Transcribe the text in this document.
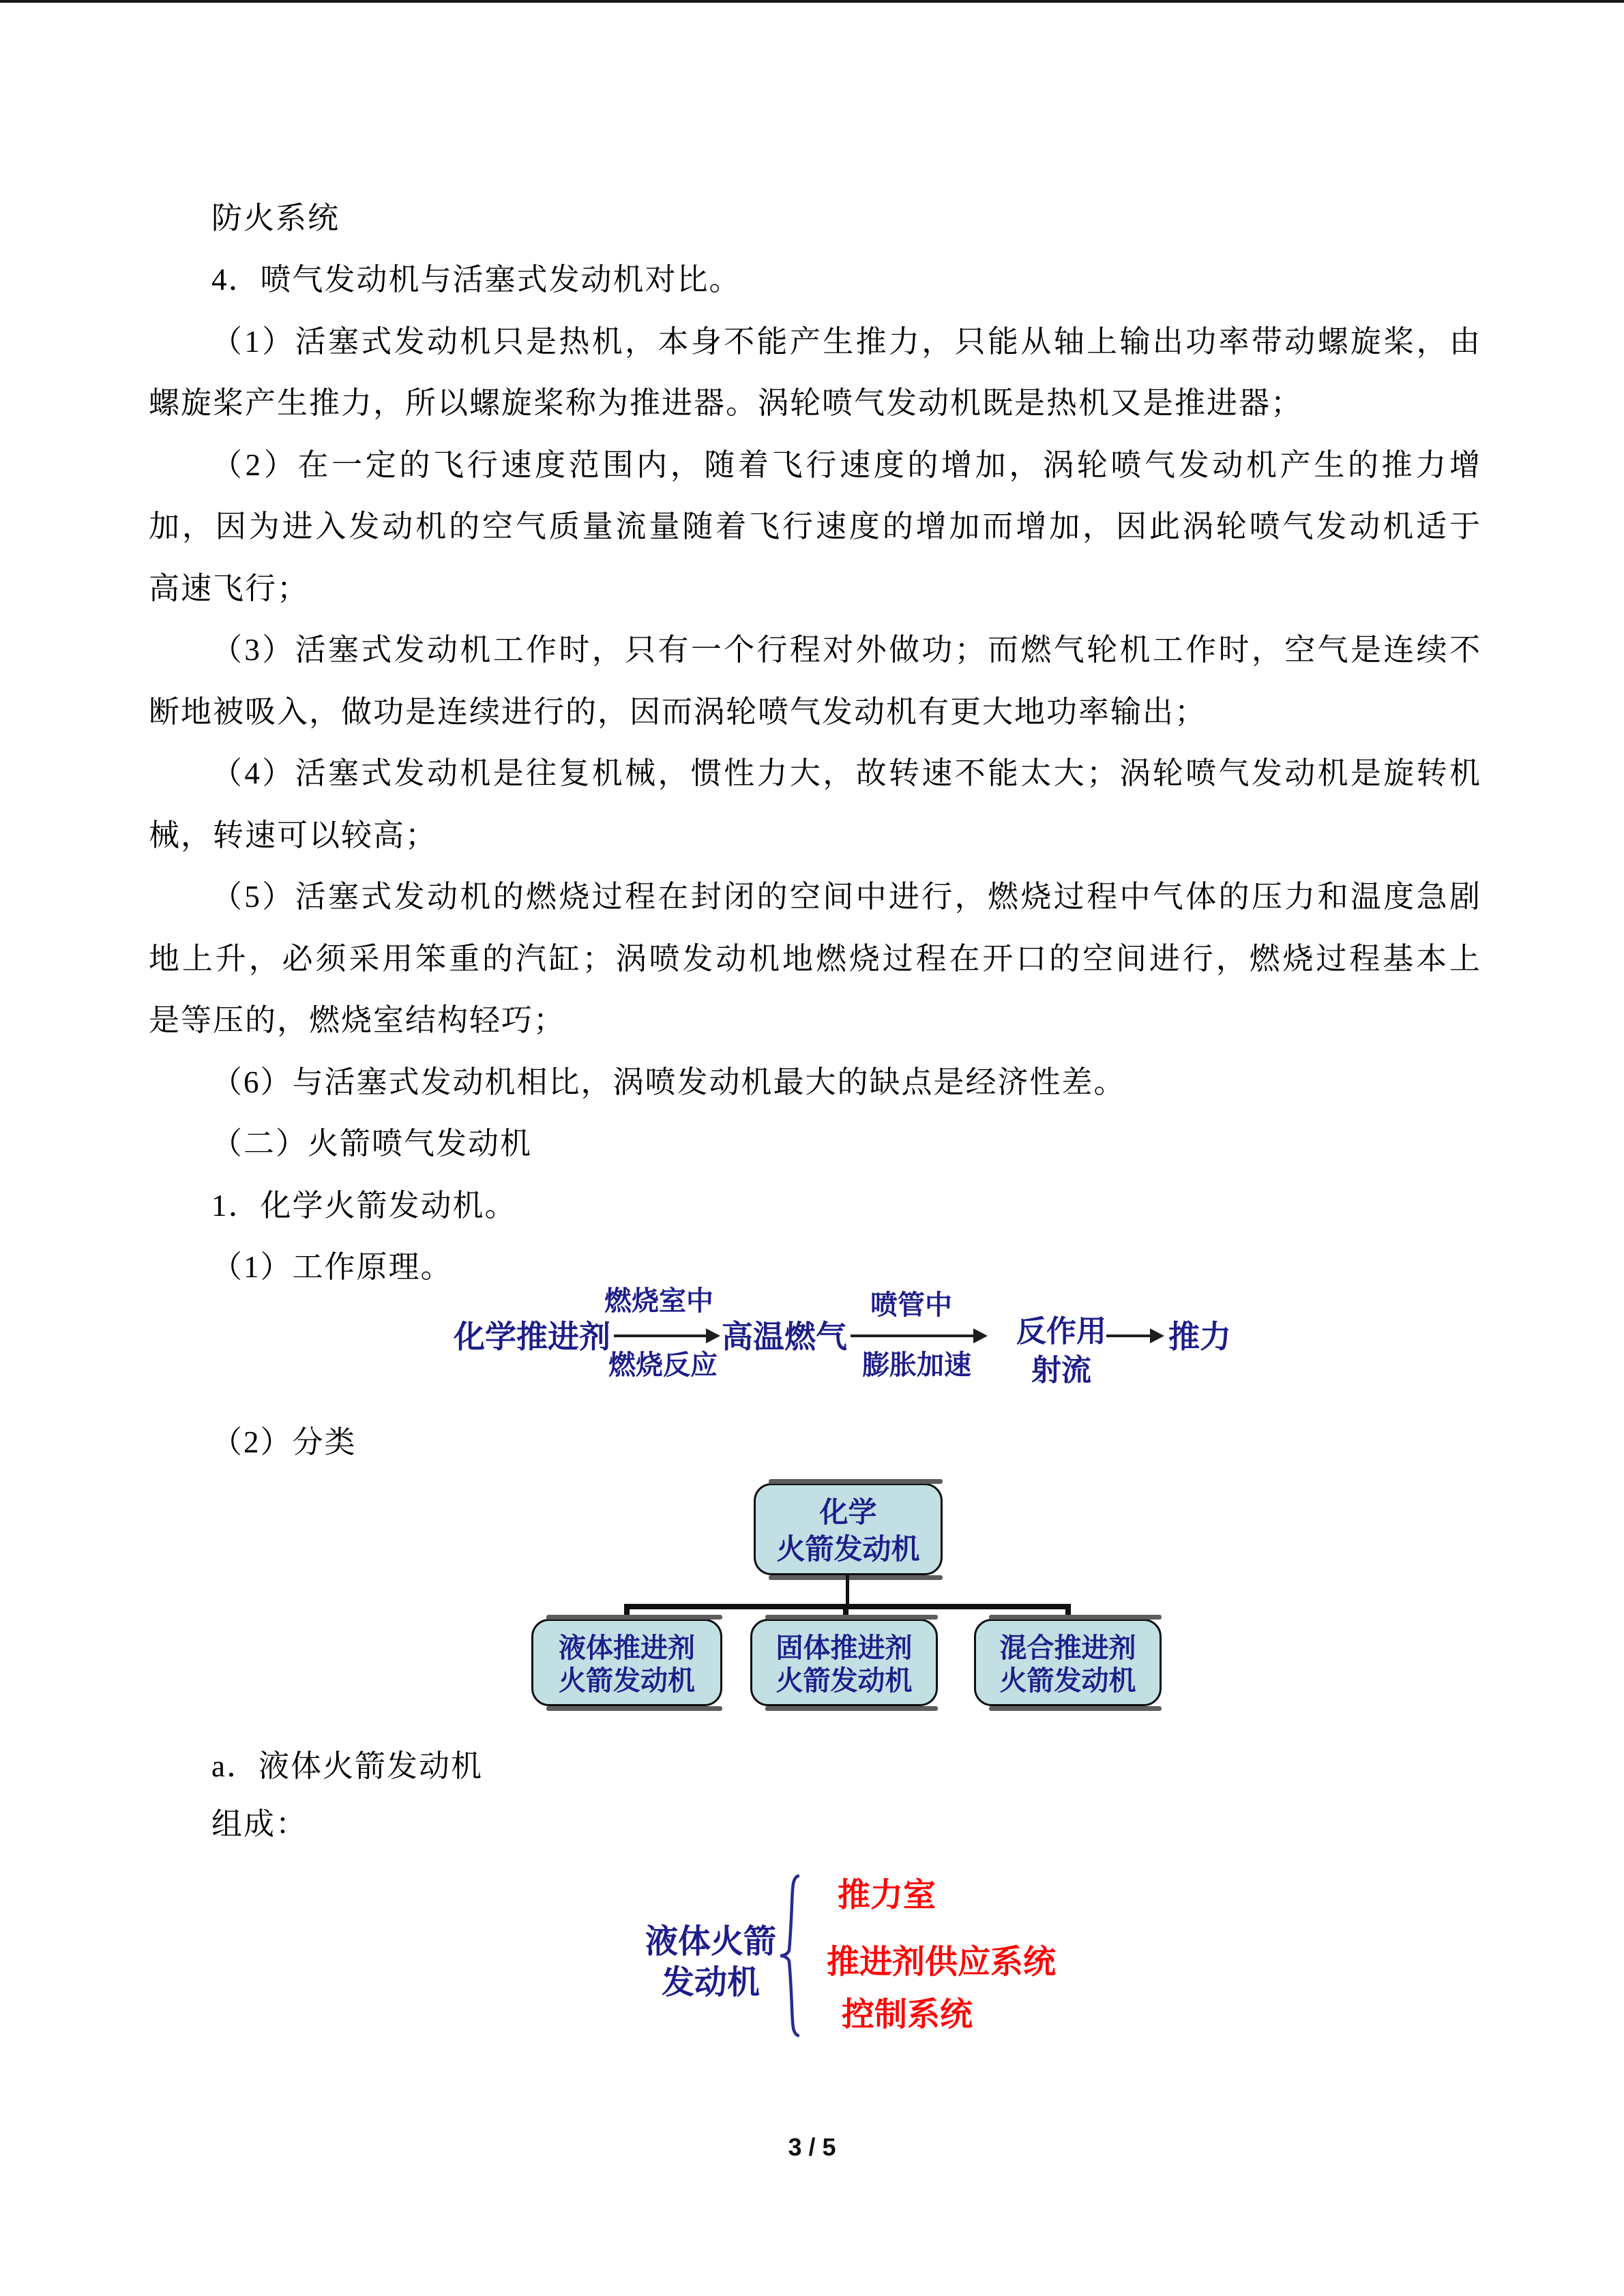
防火系统
4．喷气发动机与活塞式发动机对比。
（1）活塞式发动机只是热机，本身不能产生推力，只能从轴上输出功率带动螺旋桨，由
螺旋桨产生推力，所以螺旋桨称为推进器。涡轮喷气发动机既是热机又是推进器；
（2）在一定的飞行速度范围内，随着飞行速度的增加，涡轮喷气发动机产生的推力增
加，因为进入发动机的空气质量流量随着飞行速度的增加而增加，因此涡轮喷气发动机适于
高速飞行；
（3）活塞式发动机工作时，只有一个行程对外做功；而燃气轮机工作时，空气是连续不
断地被吸入，做功是连续进行的，因而涡轮喷气发动机有更大地功率输出；
（4）活塞式发动机是往复机械，惯性力大，故转速不能太大；涡轮喷气发动机是旋转机
械，转速可以较高；
（5）活塞式发动机的燃烧过程在封闭的空间中进行，燃烧过程中气体的压力和温度急剧
地上升，必须采用笨重的汽缸；涡喷发动机地燃烧过程在开口的空间进行，燃烧过程基本上
是等压的，燃烧室结构轻巧；
（6）与活塞式发动机相比，涡喷发动机最大的缺点是经济性差。
（二）火箭喷气发动机
1．化学火箭发动机。
（1）工作原理。
（2）分类
a．液体火箭发动机
组成：
化学推进剂
燃烧室中
燃烧反应
高温燃气
喷管中
膨胀加速
反作用
射流
推力
化学
火箭发动机
液体推进剂
火箭发动机
固体推进剂
火箭发动机
混合推进剂
火箭发动机
液体火箭
发动机
推力室
推进剂供应系统
控制系统
3 / 5
